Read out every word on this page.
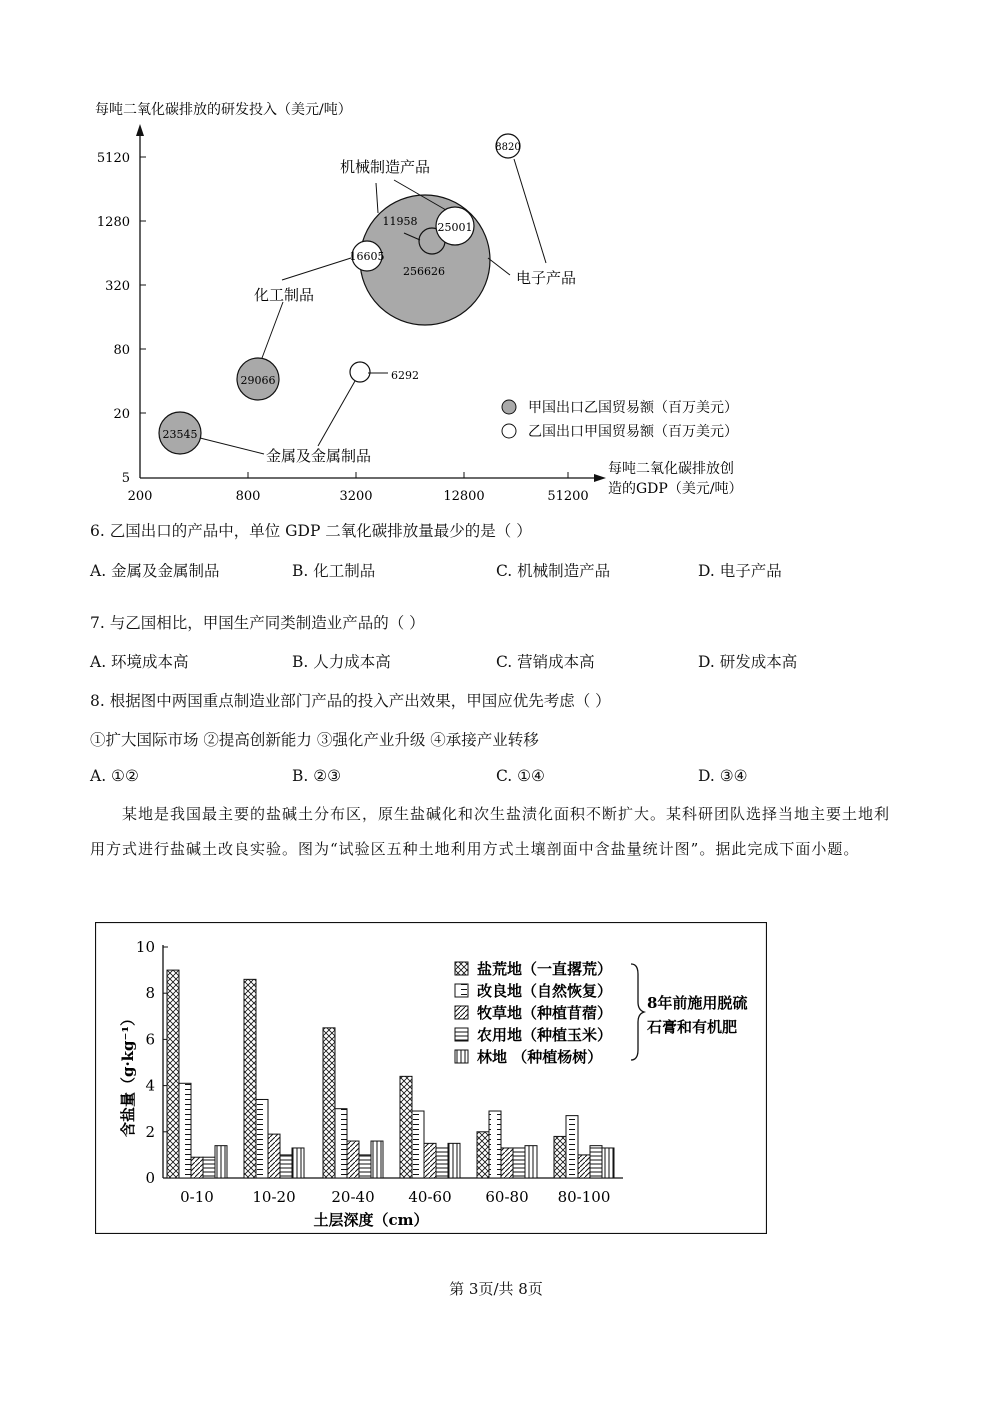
每吨二氧化碳排放的研发投入（美元/吨）
5120
1280
320
80
20
5
200	800	3200	12800	51200
每吨二氧化碳排放创
造的GDP（美元/吨）
8820
11958 25001
256626
16605
29066	6292
23545
机械制造产品
化工制品
电子产品
金属及金属制品
甲国出口乙国贸易额（百万美元）
乙国出口甲国贸易额（百万美元）
6. 乙国出口的产品中，单位 GDP 二氧化碳排放量最少的是（ ）
A. 金属及金属制品	B. 化工制品	C. 机械制造产品	D. 电子产品
7. 与乙国相比，甲国生产同类制造业产品的（ ）
A. 环境成本高	B. 人力成本高	C. 营销成本高	D. 研发成本高
8. 根据图中两国重点制造业部门产品的投入产出效果，甲国应优先考虑（ ）
①扩大国际市场 ②提高创新能力 ③强化产业升级 ④承接产业转移
A. ①②	B. ②③	C. ①④	D. ③④
某地是我国最主要的盐碱土分布区，原生盐碱化和次生盐渍化面积不断扩大。某科研团队选择当地主要土地利用方式进行盐碱土改良实验。图为“试验区五种土地利用方式土壤剖面中含盐量统计图”。据此完成下面小题。
含盐量（g·kg⁻¹）
10
8
6
4
2
0
0-10	10-20 20-40 40-60 60-80 80-100
土层深度（cm）
盐荒地（一直撂荒）
改良地（自然恢复）
牧草地（种植苜蓿）
农用地（种植玉米）
林地 （种植杨树）
8年前施用脱硫
石膏和有机肥
第 3页/共 8页
